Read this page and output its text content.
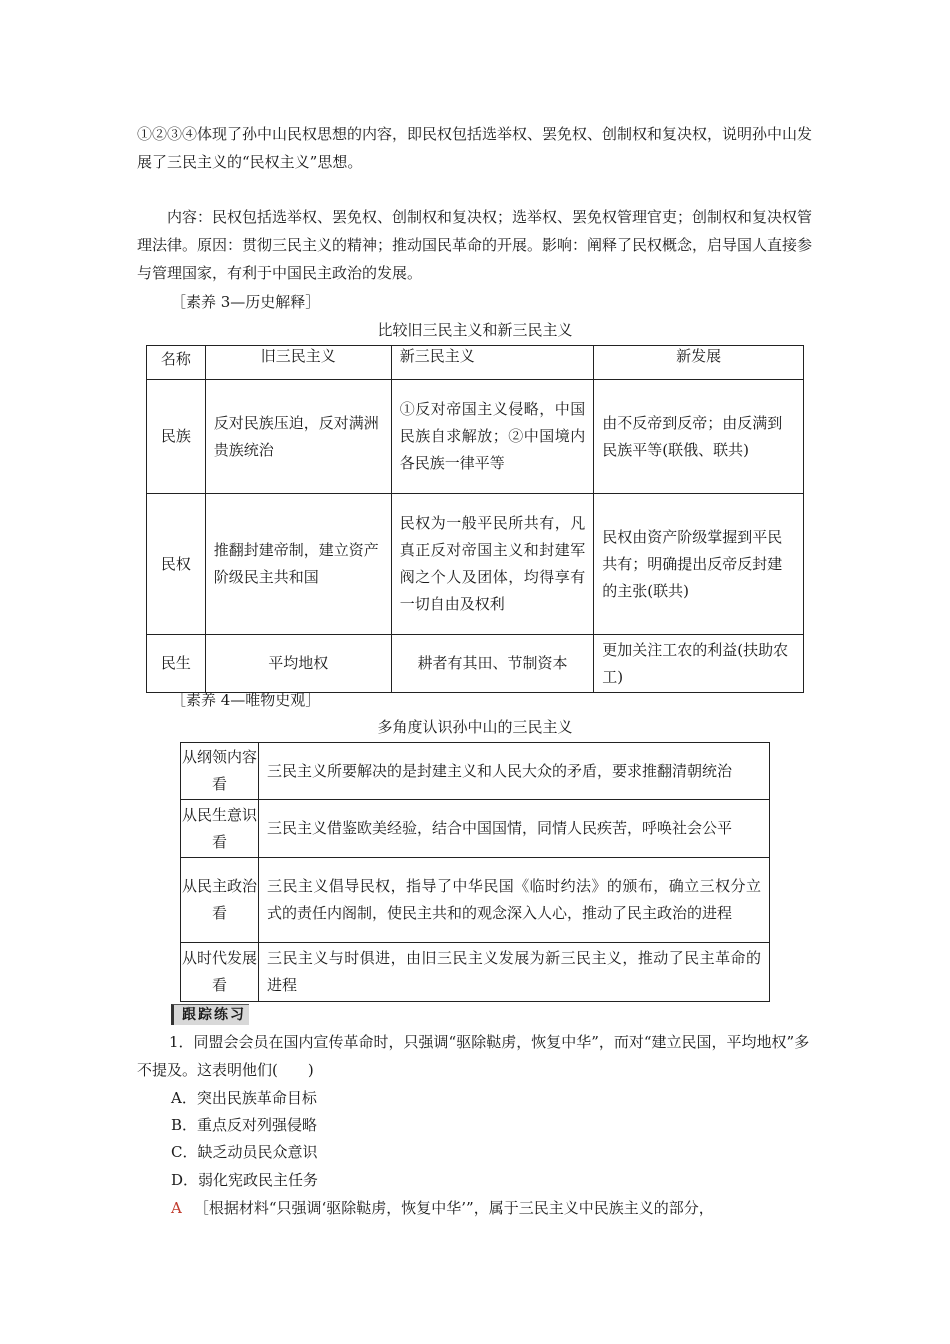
①②③④体现了孙中山民权思想的内容，即民权包括选举权、罢免权、创制权和复决权，说明孙中山发展了三民主义的“民权主义”思想。
内容：民权包括选举权、罢免权、创制权和复决权；选举权、罢免权管理官吏；创制权和复决权管理法律。原因：贯彻三民主义的精神；推动国民革命的开展。影响：阐释了民权概念，启导国人直接参与管理国家，有利于中国民主政治的发展。
［素养 3—历史解释］
比较旧三民主义和新三民主义
名称	旧三民主义	新三民主义	新发展
民族	反对民族压迫，反对满洲贵族统治	①反对帝国主义侵略，中国民族自求解放；②中国境内各民族一律平等	由不反帝到反帝；由反满到民族平等(联俄、联共)
民权	推翻封建帝制，建立资产阶级民主共和国	民权为一般平民所共有，凡真正反对帝国主义和封建军阀之个人及团体，均得享有一切自由及权利	民权由资产阶级掌握到平民共有；明确提出反帝反封建的主张(联共)
民生	平均地权	耕者有其田、节制资本	更加关注工农的利益(扶助农工)
［素养 4—唯物史观］
多角度认识孙中山的三民主义
从纲领内容看	三民主义所要解决的是封建主义和人民大众的矛盾，要求推翻清朝统治
从民生意识看	三民主义借鉴欧美经验，结合中国国情，同情人民疾苦，呼唤社会公平
从民主政治看	三民主义倡导民权，指导了中华民国《临时约法》的颁布，确立三权分立式的责任内阁制，使民主共和的观念深入人心，推动了民主政治的进程
从时代发展看	三民主义与时俱进，由旧三民主义发展为新三民主义，推动了民主革命的进程
跟踪练习
1．同盟会会员在国内宣传革命时，只强调“驱除鞑虏，恢复中华”，而对“建立民国，平均地权”多不提及。这表明他们(　　)
A．突出民族革命目标
B．重点反对列强侵略
C．缺乏动员民众意识
D．弱化宪政民主任务
A ［根据材料“只强调‘驱除鞑虏，恢复中华’”，属于三民主义中民族主义的部分，
